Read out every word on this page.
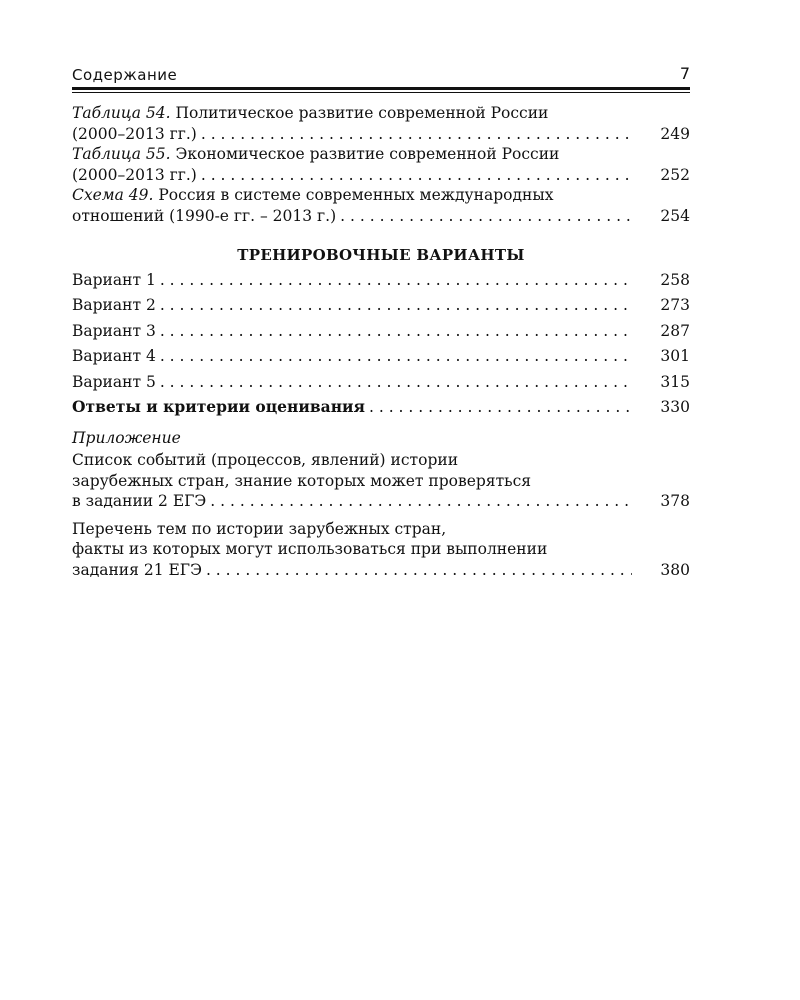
Содержание	7
Таблица 54. Политическое развитие современной России
(2000–2013 гг.) . . .	249
Таблица 55. Экономическое развитие современной России
(2000–2013 гг.) . . .	252
Схема 49. Россия в системе современных международных
отношений (1990-е гг. – 2013 г.) . . .	254
ТРЕНИРОВОЧНЫЕ ВАРИАНТЫ
Вариант 1 . . .	258
Вариант 2 . . .	273
Вариант 3 . . .	287
Вариант 4 . . .	301
Вариант 5 . . .	315
Ответы и критерии оценивания . . .	330
Приложение
Список событий (процессов, явлений) истории
зарубежных стран, знание которых может проверяться
в задании 2 ЕГЭ . . .	378
Перечень тем по истории зарубежных стран,
факты из которых могут использоваться при выполнении
задания 21 ЕГЭ . . .	380
